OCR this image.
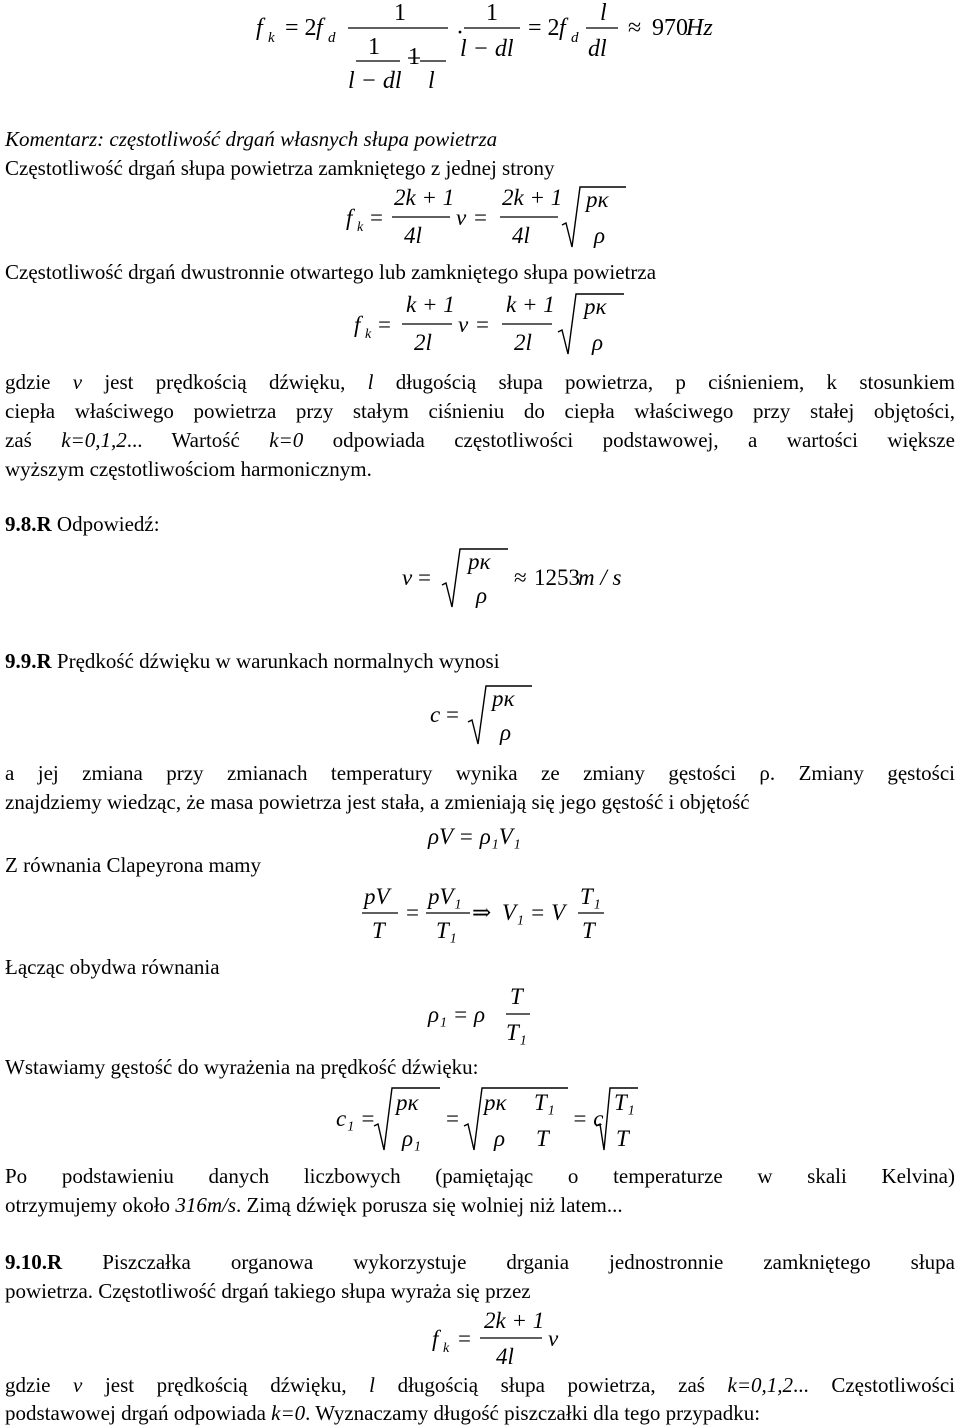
f k = 2 f d
1
1 1
l − dl l
·
1
l − dl
= 2 f d
l
dl
≈ 970
Hz

Komentarz: częstotliwość drgań własnych słupa powietrza

Częstotliwość drgań słupa powietrza zamkniętego z jednej strony

f k =
2k + 1
4l
v =
2k + 1
4l
pκ
ρ

Częstotliwość drgań dwustronnie otwartego lub zamkniętego słupa powietrza

f k =
k + 1
2l
v =
k + 1
2l
pκ
ρ

gdzie v jest prędkością dźwięku, l długością słupa powietrza, p ciśnieniem, k stosunkiem

ciepła właściwego powietrza przy stałym ciśnieniu do ciepła właściwego przy stałej objętości,

zaś k=0,1,2... Wartość k=0 odpowiada częstotliwości podstawowej, a wartości większe

wyższym częstotliwościom harmonicznym.

9.8.R Odpowiedź:

v =
pκ
ρ
≈ 1253
m / s

9.9.R Prędkość dźwięku w warunkach normalnych wynosi

c =
pκ
ρ

a jej zmiana przy zmianach temperatury wynika ze zmiany gęstości ρ. Zmiany gęstości

znajdziemy wiedząc, że masa powietrza jest stała, a zmieniają się jego gęstość i objętość

ρV = ρ₁V₁

Z równania Clapeyrona mamy

pV
T
=
pV₁
T₁
⇒ V₁ = V
T₁
T

Łącząc obydwa równania

ρ₁ = ρ
T
T₁

Wstawiamy gęstość do wyrażenia na prędkość dźwięku:

c₁ =
pκ
ρ₁
=
pκ
ρ
T₁
T
= c
T₁
T

Po podstawieniu danych liczbowych (pamiętając o temperaturze w skali Kelvina)

otrzymujemy około 316m/s. Zimą dźwięk porusza się wolniej niż latem...

9.10.R Piszczałka organowa wykorzystuje drgania jednostronnie zamkniętego słupa

powietrza. Częstotliwość drgań takiego słupa wyraża się przez

f k =
2k + 1
4l
v

gdzie v jest prędkością dźwięku, l długością słupa powietrza, zaś k=0,1,2... Częstotliwości

podstawowej drgań odpowiada k=0. Wyznaczamy długość piszczałki dla tego przypadku:
